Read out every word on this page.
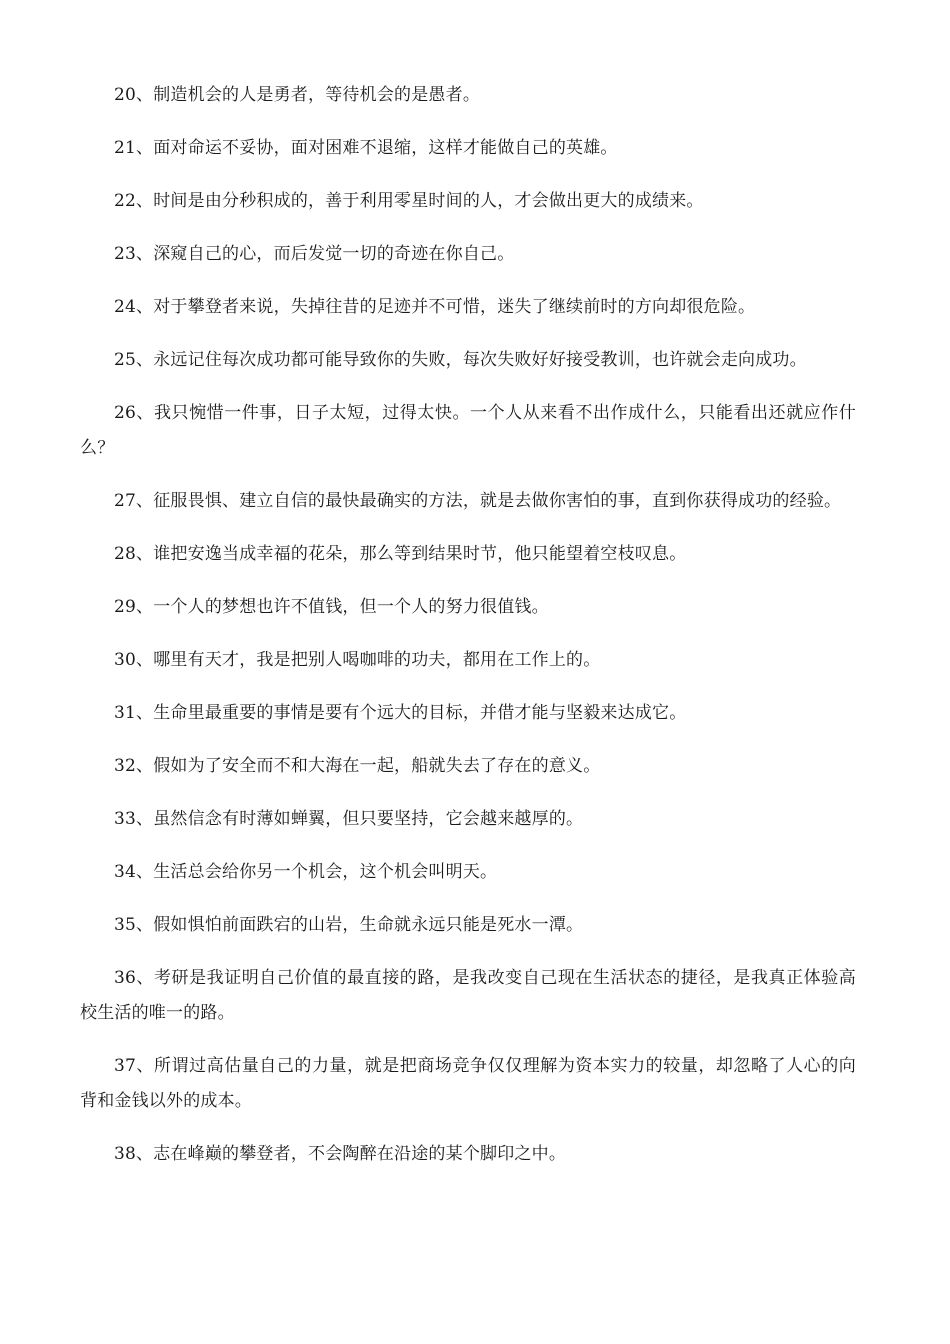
20、制造机会的人是勇者，等待机会的是愚者。

21、面对命运不妥协，面对困难不退缩，这样才能做自己的英雄。

22、时间是由分秒积成的，善于利用零星时间的人，才会做出更大的成绩来。

23、深窥自己的心，而后发觉一切的奇迹在你自己。

24、对于攀登者来说，失掉往昔的足迹并不可惜，迷失了继续前时的方向却很危险。

25、永远记住每次成功都可能导致你的失败，每次失败好好接受教训，也许就会走向成功。

26、我只惋惜一件事，日子太短，过得太快。一个人从来看不出作成什么，只能看出还就应作什么？

27、征服畏惧、建立自信的最快最确实的方法，就是去做你害怕的事，直到你获得成功的经验。

28、谁把安逸当成幸福的花朵，那么等到结果时节，他只能望着空枝叹息。

29、一个人的梦想也许不值钱，但一个人的努力很值钱。

30、哪里有天才，我是把别人喝咖啡的功夫，都用在工作上的。

31、生命里最重要的事情是要有个远大的目标，并借才能与坚毅来达成它。

32、假如为了安全而不和大海在一起，船就失去了存在的意义。

33、虽然信念有时薄如蝉翼，但只要坚持，它会越来越厚的。

34、生活总会给你另一个机会，这个机会叫明天。

35、假如惧怕前面跌宕的山岩，生命就永远只能是死水一潭。

36、考研是我证明自己价值的最直接的路，是我改变自己现在生活状态的捷径，是我真正体验高校生活的唯一的路。

37、所谓过高估量自己的力量，就是把商场竞争仅仅理解为资本实力的较量，却忽略了人心的向背和金钱以外的成本。

38、志在峰巅的攀登者，不会陶醉在沿途的某个脚印之中。
